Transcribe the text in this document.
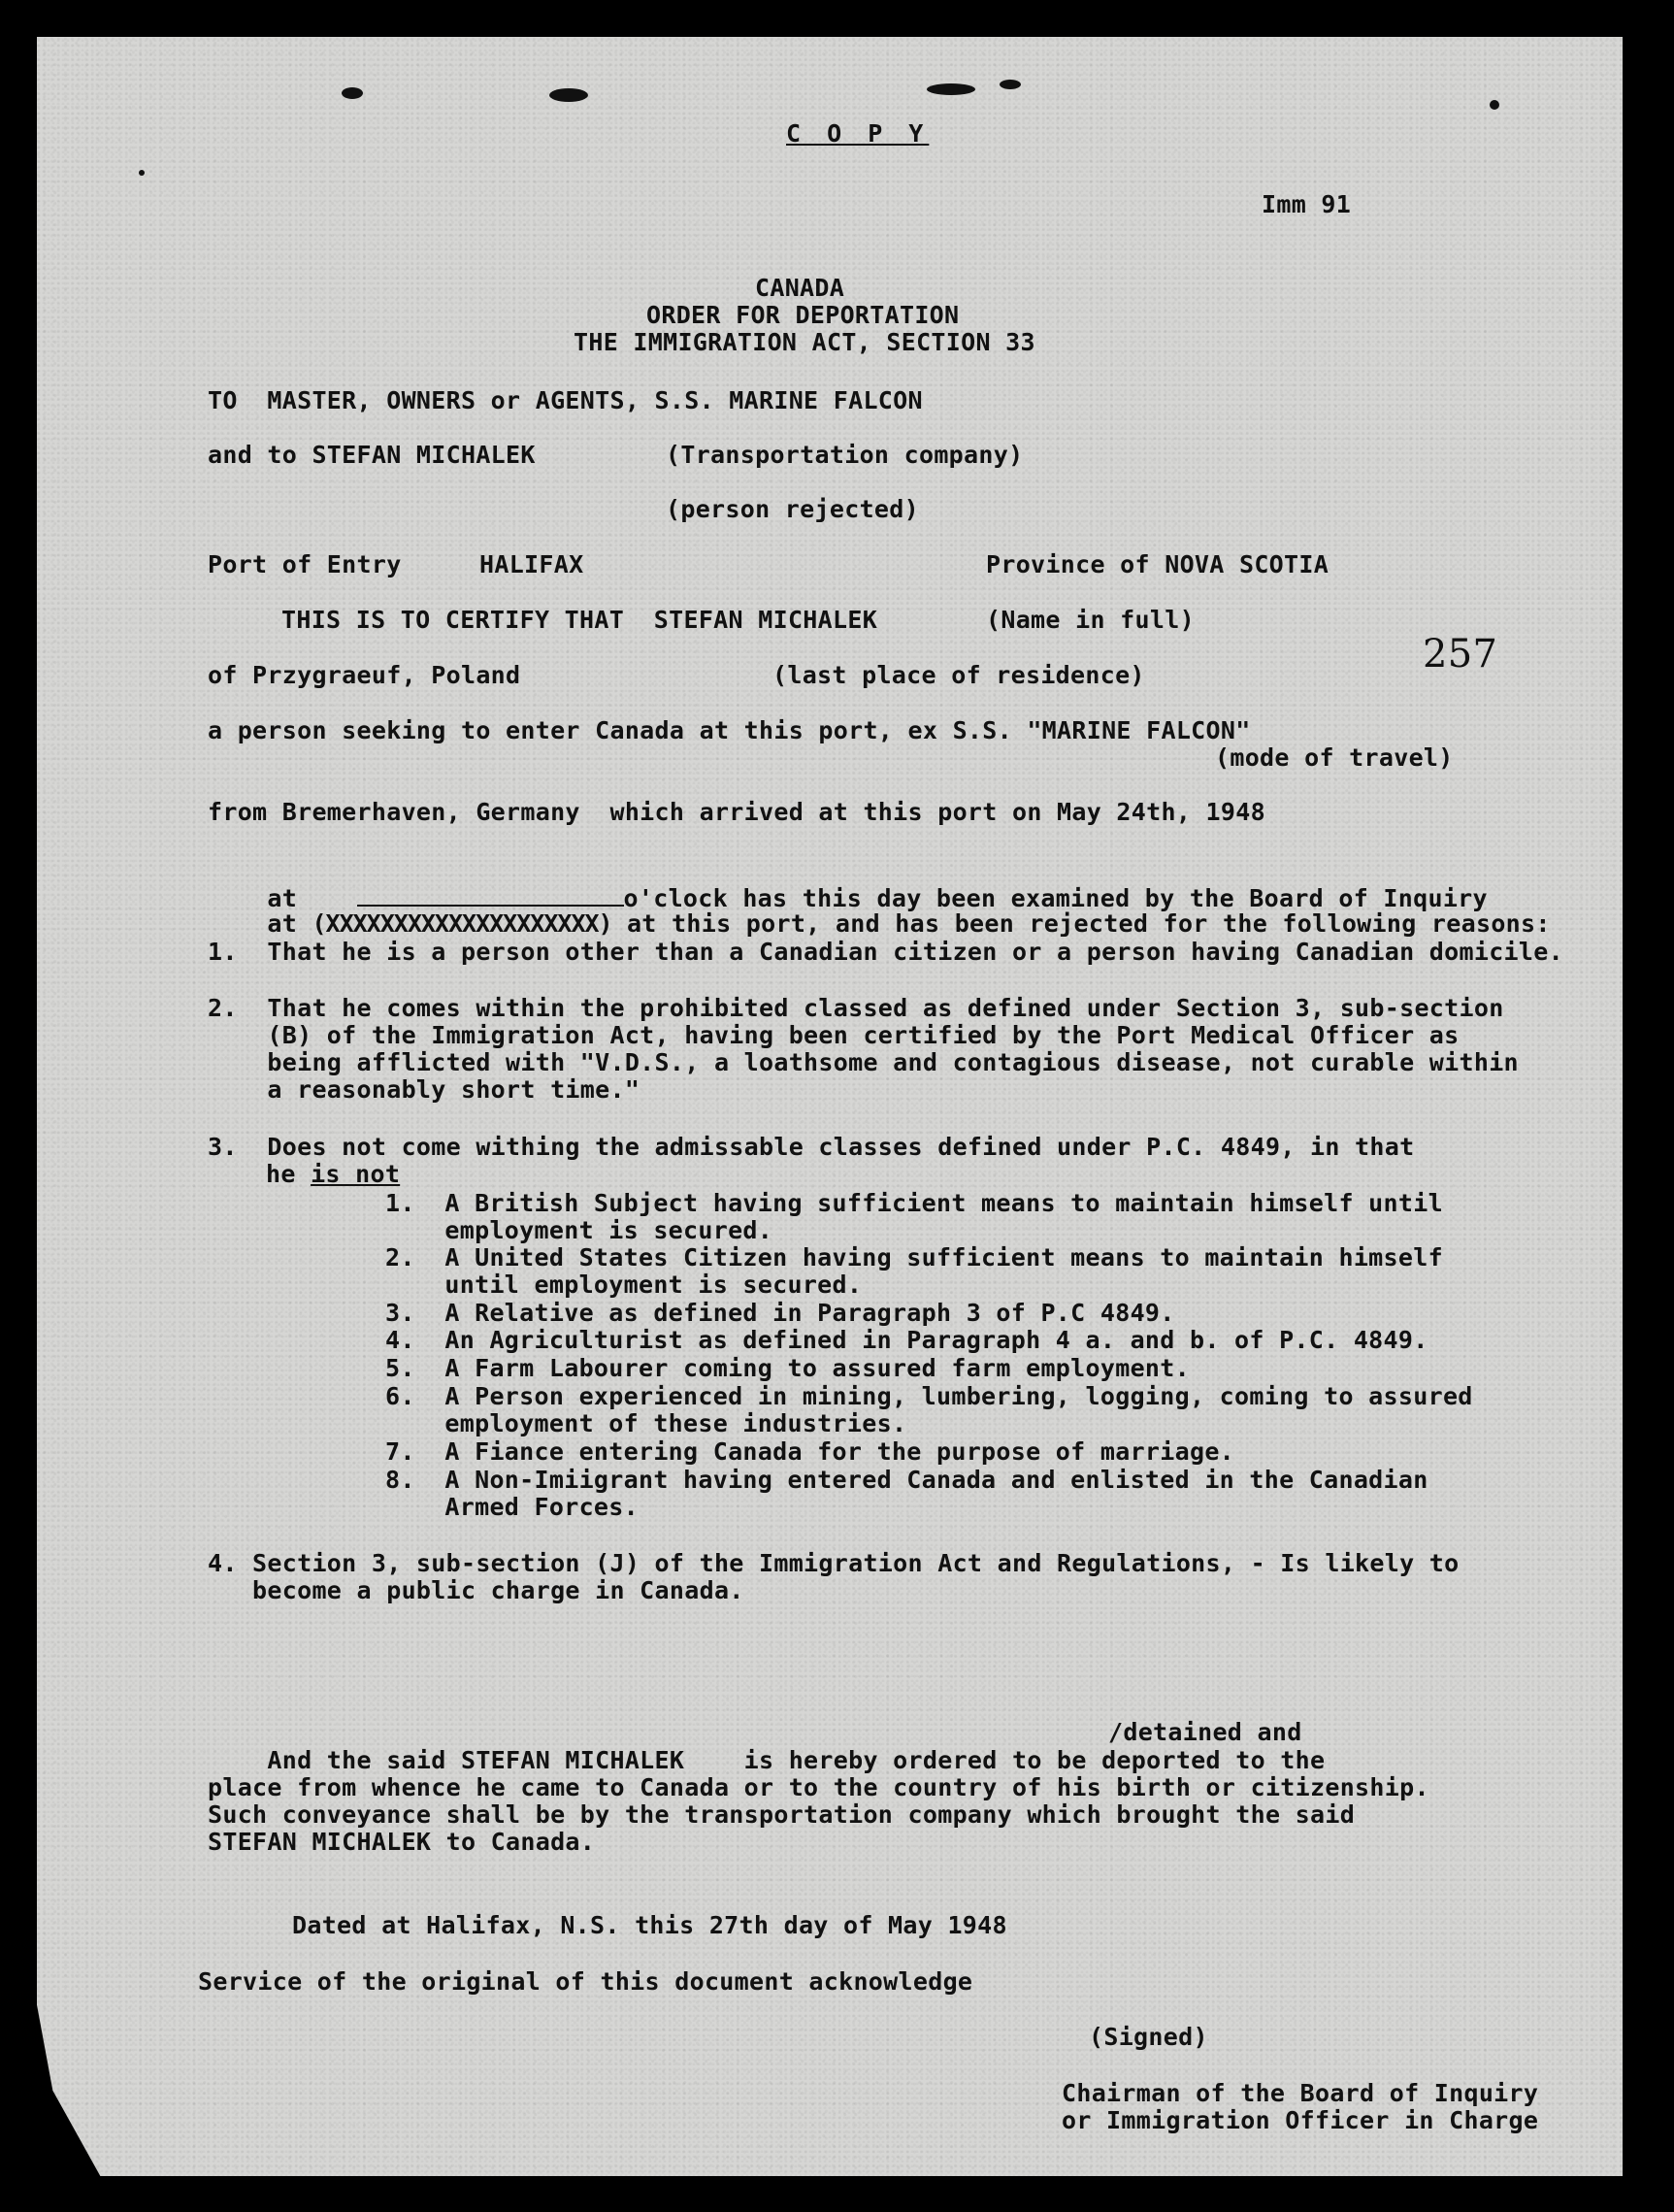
C O P Y
Imm 91
CANADA
ORDER FOR DEPORTATION
THE IMMIGRATION ACT, SECTION 33
TO  MASTER, OWNERS or AGENTS, S.S. MARINE FALCON
and to STEFAN MICHALEK	(Transportation company)
(person rejected)
Port of Entry	HALIFAX	Province of NOVA SCOTIA
THIS IS TO CERTIFY THAT  STEFAN MICHALEK	(Name in full)
of Przygraeuf, Poland	(last place of residence)	257
a person seeking to enter Canada at this port, ex S.S. "MARINE FALCON"
(mode of travel)
from Bremerhaven, Germany  which arrived at this port on May 24th, 1948

at	o'clock has this day been examined by the Board of Inquiry

at (XXXXXXXXXXXXXXXXXXXX) at this port, and has been rejected for the following reasons:

1.  That he is a person other than a Canadian citizen or a person having Canadian domicile.
2.  That he comes within the prohibited classed as defined under Section 3, sub-section
(B) of the Immigration Act, having been certified by the Port Medical Officer as
being afflicted with "V.D.S., a loathsome and contagious disease, not curable within
a reasonably short time."
3.  Does not come withing the admissable classes defined under P.C. 4849, in that
he is not
1.  A British Subject having sufficient means to maintain himself until
employment is secured.
2.  A United States Citizen having sufficient means to maintain himself
until employment is secured.
3.  A Relative as defined in Paragraph 3 of P.C 4849.
4.  An Agriculturist as defined in Paragraph 4 a. and b. of P.C. 4849.
5.  A Farm Labourer coming to assured farm employment.
6.  A Person experienced in mining, lumbering, logging, coming to assured
employment of these industries.
7.  A Fiance entering Canada for the purpose of marriage.
8.  A Non-Imiigrant having entered Canada and enlisted in the Canadian
Armed Forces.
4. Section 3, sub-section (J) of the Immigration Act and Regulations, - Is likely to
become a public charge in Canada.
/detained and
And the said STEFAN MICHALEK    is hereby ordered to be deported to the
place from whence he came to Canada or to the country of his birth or citizenship.
Such conveyance shall be by the transportation company which brought the said
STEFAN MICHALEK to Canada.
Dated at Halifax, N.S. this 27th day of May 1948
Service of the original of this document acknowledge
(Signed)
Chairman of the Board of Inquiry
or Immigration Officer in Charge
